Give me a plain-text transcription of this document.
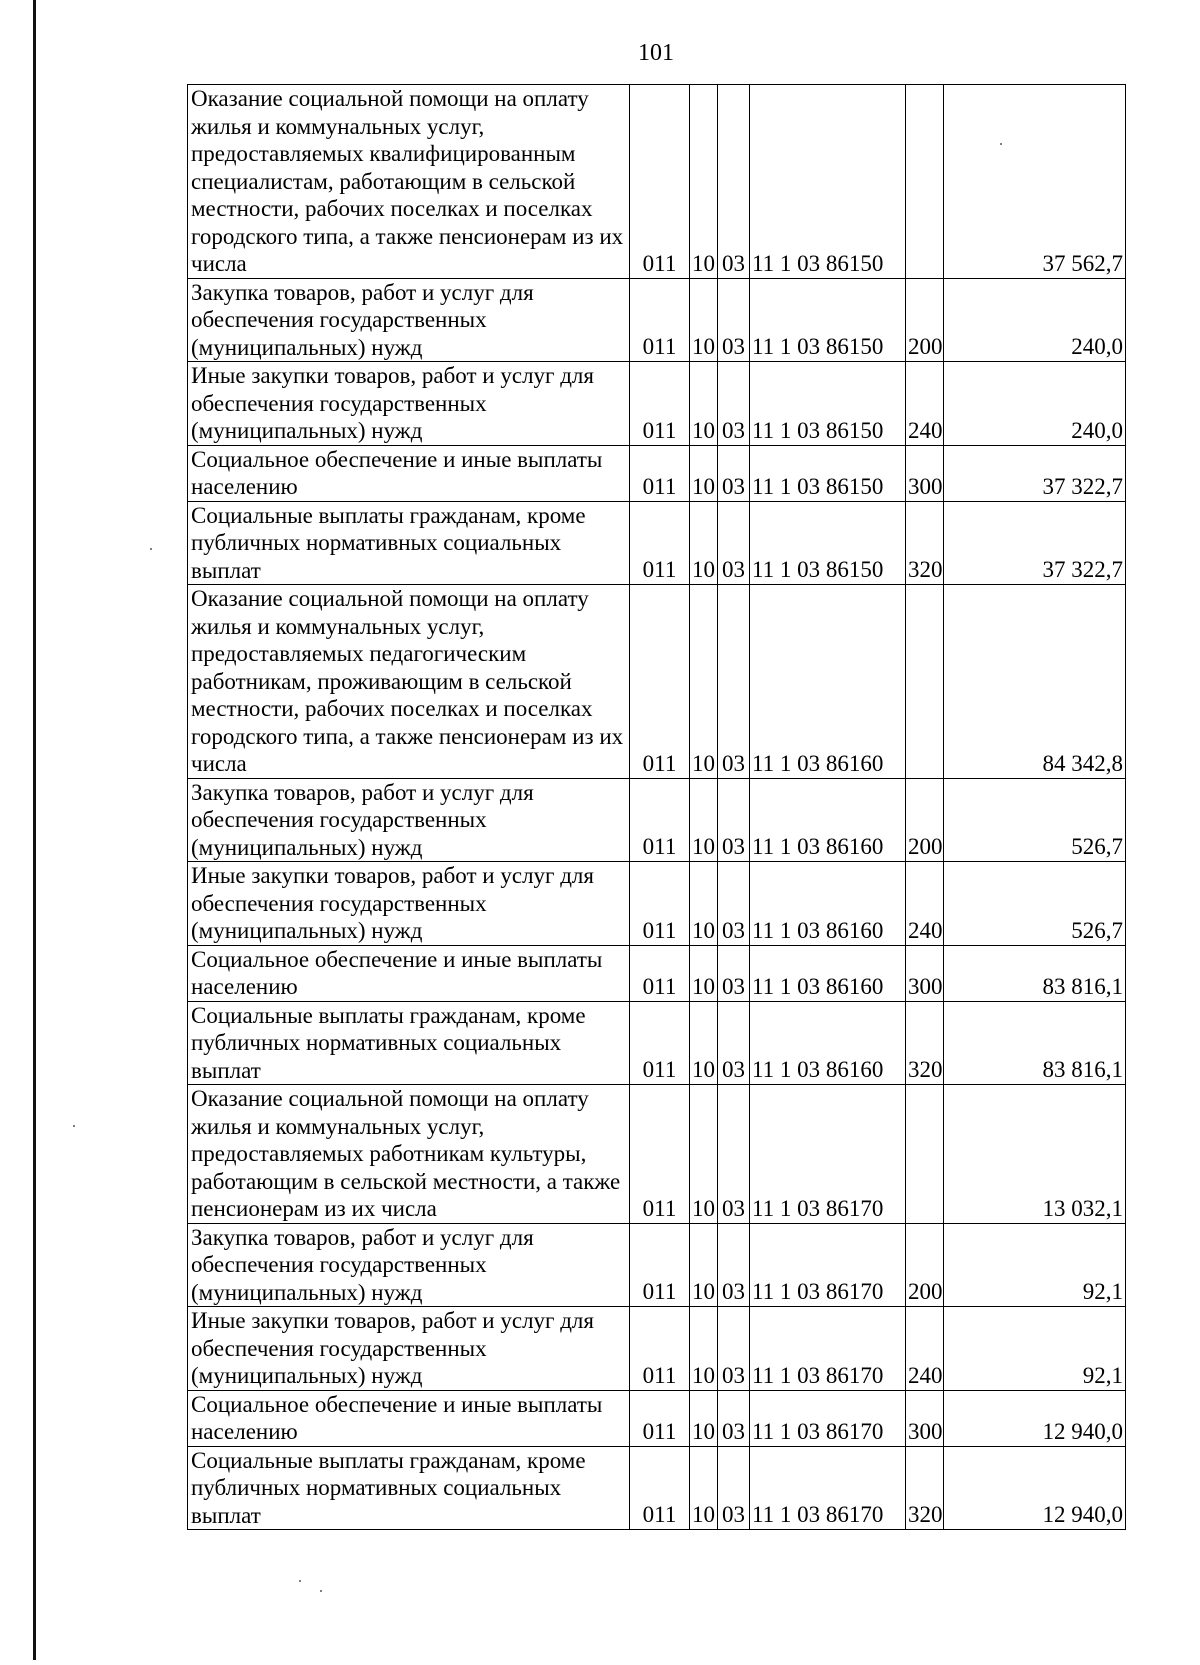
101
Оказание социальной помощи на оплату жилья и коммунальных услуг, предоставляемых квалифицированным специалистам, работающим в сельской местности, рабочих поселках и поселках городского типа, а также пенсионерам из их числа	011	10	03	11 1 03 86150		37 562,7
Закупка товаров, работ и услуг для обеспечения государственных (муниципальных) нужд	011	10	03	11 1 03 86150	200	240,0
Иные закупки товаров, работ и услуг для обеспечения государственных (муниципальных) нужд	011	10	03	11 1 03 86150	240	240,0
Социальное обеспечение и иные выплаты населению	011	10	03	11 1 03 86150	300	37 322,7
Социальные выплаты гражданам, кроме публичных нормативных социальных выплат	011	10	03	11 1 03 86150	320	37 322,7
Оказание социальной помощи на оплату жилья и коммунальных услуг, предоставляемых педагогическим работникам, проживающим в сельской местности, рабочих поселках и поселках городского типа, а также пенсионерам из их числа	011	10	03	11 1 03 86160		84 342,8
Закупка товаров, работ и услуг для обеспечения государственных (муниципальных) нужд	011	10	03	11 1 03 86160	200	526,7
Иные закупки товаров, работ и услуг для обеспечения государственных (муниципальных) нужд	011	10	03	11 1 03 86160	240	526,7
Социальное обеспечение и иные выплаты населению	011	10	03	11 1 03 86160	300	83 816,1
Социальные выплаты гражданам, кроме публичных нормативных социальных выплат	011	10	03	11 1 03 86160	320	83 816,1
Оказание социальной помощи на оплату жилья и коммунальных услуг, предоставляемых работникам культуры, работающим в сельской местности, а также пенсионерам из их числа	011	10	03	11 1 03 86170		13 032,1
Закупка товаров, работ и услуг для обеспечения государственных (муниципальных) нужд	011	10	03	11 1 03 86170	200	92,1
Иные закупки товаров, работ и услуг для обеспечения государственных (муниципальных) нужд	011	10	03	11 1 03 86170	240	92,1
Социальное обеспечение и иные выплаты населению	011	10	03	11 1 03 86170	300	12 940,0
Социальные выплаты гражданам, кроме публичных нормативных социальных выплат	011	10	03	11 1 03 86170	320	12 940,0
